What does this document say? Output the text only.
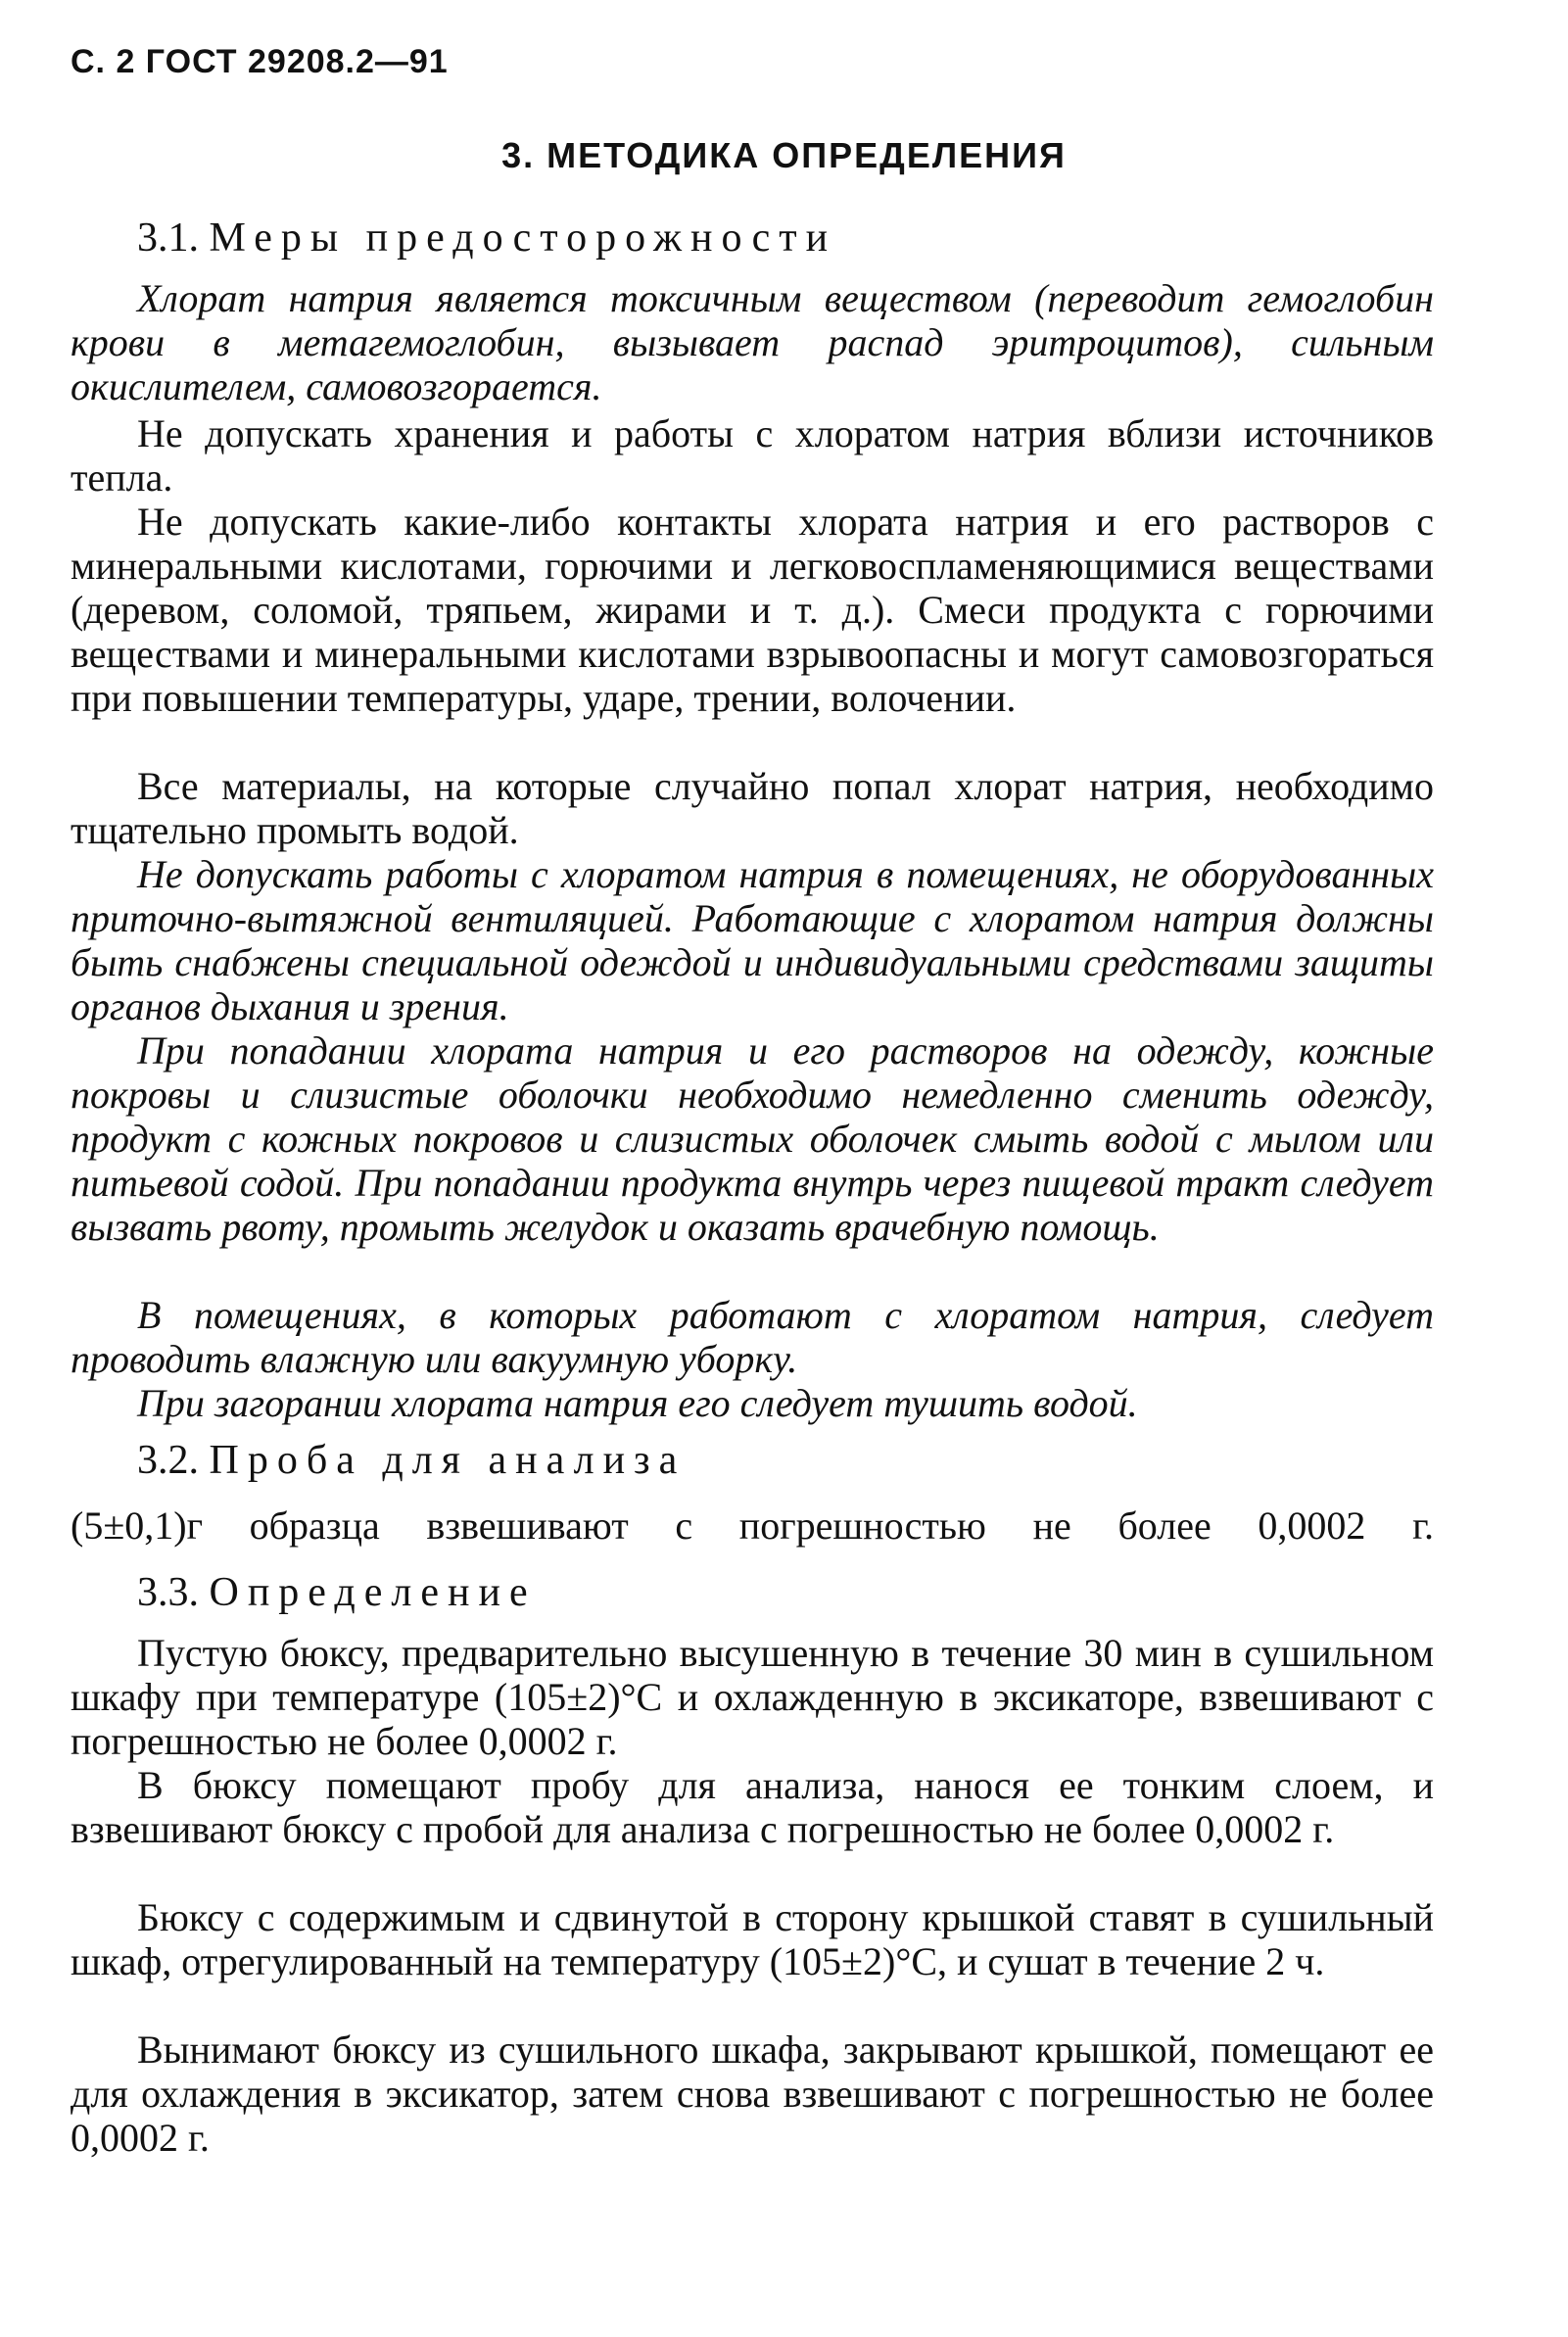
С. 2 ГОСТ 29208.2—91
3. МЕТОДИКА ОПРЕДЕЛЕНИЯ
3.1. Меры предосторожности

Хлорат натрия является токсичным веществом (переводит гемоглобин крови в метагемоглобин, вызывает распад эритроцитов), сильным окислителем, самовозгорается.

Не допускать хранения и работы с хлоратом натрия вблизи источников тепла.

Не допускать какие-либо контакты хлората натрия и его растворов с минеральными кислотами, горючими и легковоспламеняющимися веществами (деревом, соломой, тряпьем, жирами и т. д.). Смеси продукта с горючими веществами и минеральными кислотами взрывоопасны и могут самовозгораться при повышении температуры, ударе, трении, волочении.

Все материалы, на которые случайно попал хлорат натрия, необходимо тщательно промыть водой.

Не допускать работы с хлоратом натрия в помещениях, не оборудованных приточно-вытяжной вентиляцией. Работающие с хлоратом натрия должны быть снабжены специальной одеждой и индивидуальными средствами защиты органов дыхания и зрения.

При попадании хлората натрия и его растворов на одежду, кожные покровы и слизистые оболочки необходимо немедленно сменить одежду, продукт с кожных покровов и слизистых оболочек смыть водой с мылом или питьевой содой. При попадании продукта внутрь через пищевой тракт следует вызвать рвоту, промыть желудок и оказать врачебную помощь.

В помещениях, в которых работают с хлоратом натрия, следует проводить влажную или вакуумную уборку.

При загорании хлората натрия его следует тушить водой.

3.2. Проба для анализа

(5±0,1)г образца взвешивают с погрешностью не более 0,0002 г.

3.3. Определение

Пустую бюксу, предварительно высушенную в течение 30 мин в сушильном шкафу при температуре (105±2)°С и охлажденную в эксикаторе, взвешивают с погрешностью не более 0,0002 г.

В бюксу помещают пробу для анализа, нанося ее тонким слоем, и взвешивают бюксу с пробой для анализа с погрешностью не более 0,0002 г.

Бюксу с содержимым и сдвинутой в сторону крышкой ставят в сушильный шкаф, отрегулированный на температуру (105±2)°С, и сушат в течение 2 ч.

Вынимают бюксу из сушильного шкафа, закрывают крышкой, помещают ее для охлаждения в эксикатор, затем снова взвешивают с погрешностью не более 0,0002 г.
